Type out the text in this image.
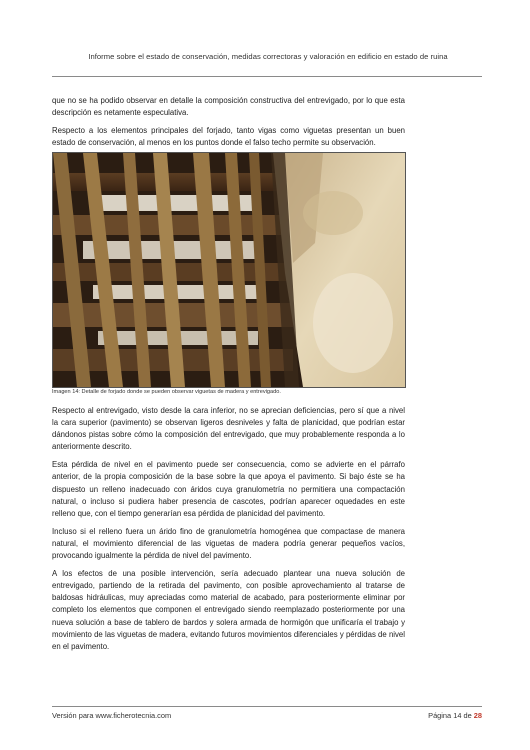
Informe sobre el estado de conservación, medidas correctoras y valoración en edificio en estado de ruina

que no se ha podido observar en detalle la composición constructiva del entrevigado, por lo que esta descripción es netamente especulativa.

Respecto a los elementos principales del forjado, tanto vigas como viguetas presentan un buen estado de conservación, al menos en los puntos donde el falso techo permite su observación.

Imagen 14: Detalle de forjado donde se pueden observar viguetas de madera y entrevigado.

Respecto al entrevigado, visto desde la cara inferior, no se aprecian deficiencias, pero sí que a nivel la cara superior (pavimento) se observan ligeros desniveles y falta de planicidad, que podrían estar dándonos pistas sobre cómo la composición del entrevigado, que muy probablemente responda a lo anteriormente descrito.

Esta pérdida de nivel en el pavimento puede ser consecuencia, como se advierte en el párrafo anterior, de la propia composición de la base sobre la que apoya el pavimento. Si bajo éste se ha dispuesto un relleno inadecuado con áridos cuya granulometría no permitiera una compactación natural, o incluso si pudiera haber presencia de cascotes, podrían aparecer oquedades en este relleno que, con el tiempo generarían esa pérdida de planicidad del pavimento.

Incluso si el relleno fuera un árido fino de granulometría homogénea que compactase de manera natural, el movimiento diferencial de las viguetas de madera podría generar pequeños vacíos, provocando igualmente la pérdida de nivel del pavimento.

A los efectos de una posible intervención, sería adecuado plantear una nueva solución de entrevigado, partiendo de la retirada del pavimento, con posible aprovechamiento al tratarse de baldosas hidráulicas, muy apreciadas como material de acabado, para posteriormente eliminar por completo los elementos que componen el entrevigado siendo reemplazado posteriormente por una nueva solución a base de tablero de bardos y solera armada de hormigón que unificaría el trabajo y movimiento de las viguetas de madera, evitando futuros movimientos diferenciales y pérdidas de nivel en el pavimento.

Versión para www.ficherotecnia.com	Página 14 de 28
